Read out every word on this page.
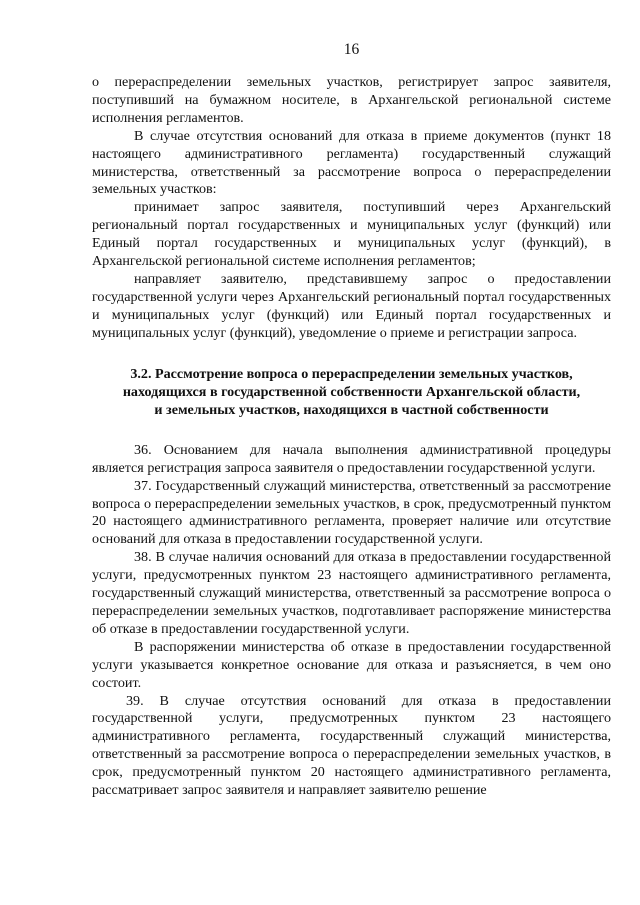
16

о перераспределении земельных участков, регистрирует запрос заявителя, поступивший на бумажном носителе, в Архангельской региональной системе исполнения регламентов.

В случае отсутствия оснований для отказа в приеме документов (пункт 18 настоящего административного регламента) государственный служащий министерства, ответственный за рассмотрение вопроса о перераспределении земельных участков:

принимает запрос заявителя, поступивший через Архангельский региональный портал государственных и муниципальных услуг (функций) или Единый портал государственных и муниципальных услуг (функций), в Архангельской региональной системе исполнения регламентов;

направляет заявителю, представившему запрос о предоставлении государственной услуги через Архангельский региональный портал государственных и муниципальных услуг (функций) или Единый портал государственных и муниципальных услуг (функций), уведомление о приеме и регистрации запроса.

3.2. Рассмотрение вопроса о перераспределении земельных участков,
находящихся в государственной собственности Архангельской области,
и земельных участков, находящихся в частной собственности

36. Основанием для начала выполнения административной процедуры является регистрация запроса заявителя о предоставлении государственной услуги.

37. Государственный служащий министерства, ответственный за рассмотрение вопроса о перераспределении земельных участков, в срок, предусмотренный пунктом 20 настоящего административного регламента, проверяет наличие или отсутствие оснований для отказа в предоставлении государственной услуги.

38. В случае наличия оснований для отказа в предоставлении государственной услуги, предусмотренных пунктом 23 настоящего административного регламента, государственный служащий министерства, ответственный за рассмотрение вопроса о перераспределении земельных участков, подготавливает распоряжение министерства об отказе в предоставлении государственной услуги.

В распоряжении министерства об отказе в предоставлении государственной услуги указывается конкретное основание для отказа и разъясняется, в чем оно состоит.

39. В случае отсутствия оснований для отказа в предоставлении государственной услуги, предусмотренных пунктом 23 настоящего административного регламента, государственный служащий министерства, ответственный за рассмотрение вопроса о перераспределении земельных участков, в срок, предусмотренный пунктом 20 настоящего административного регламента, рассматривает запрос заявителя и направляет заявителю решение
